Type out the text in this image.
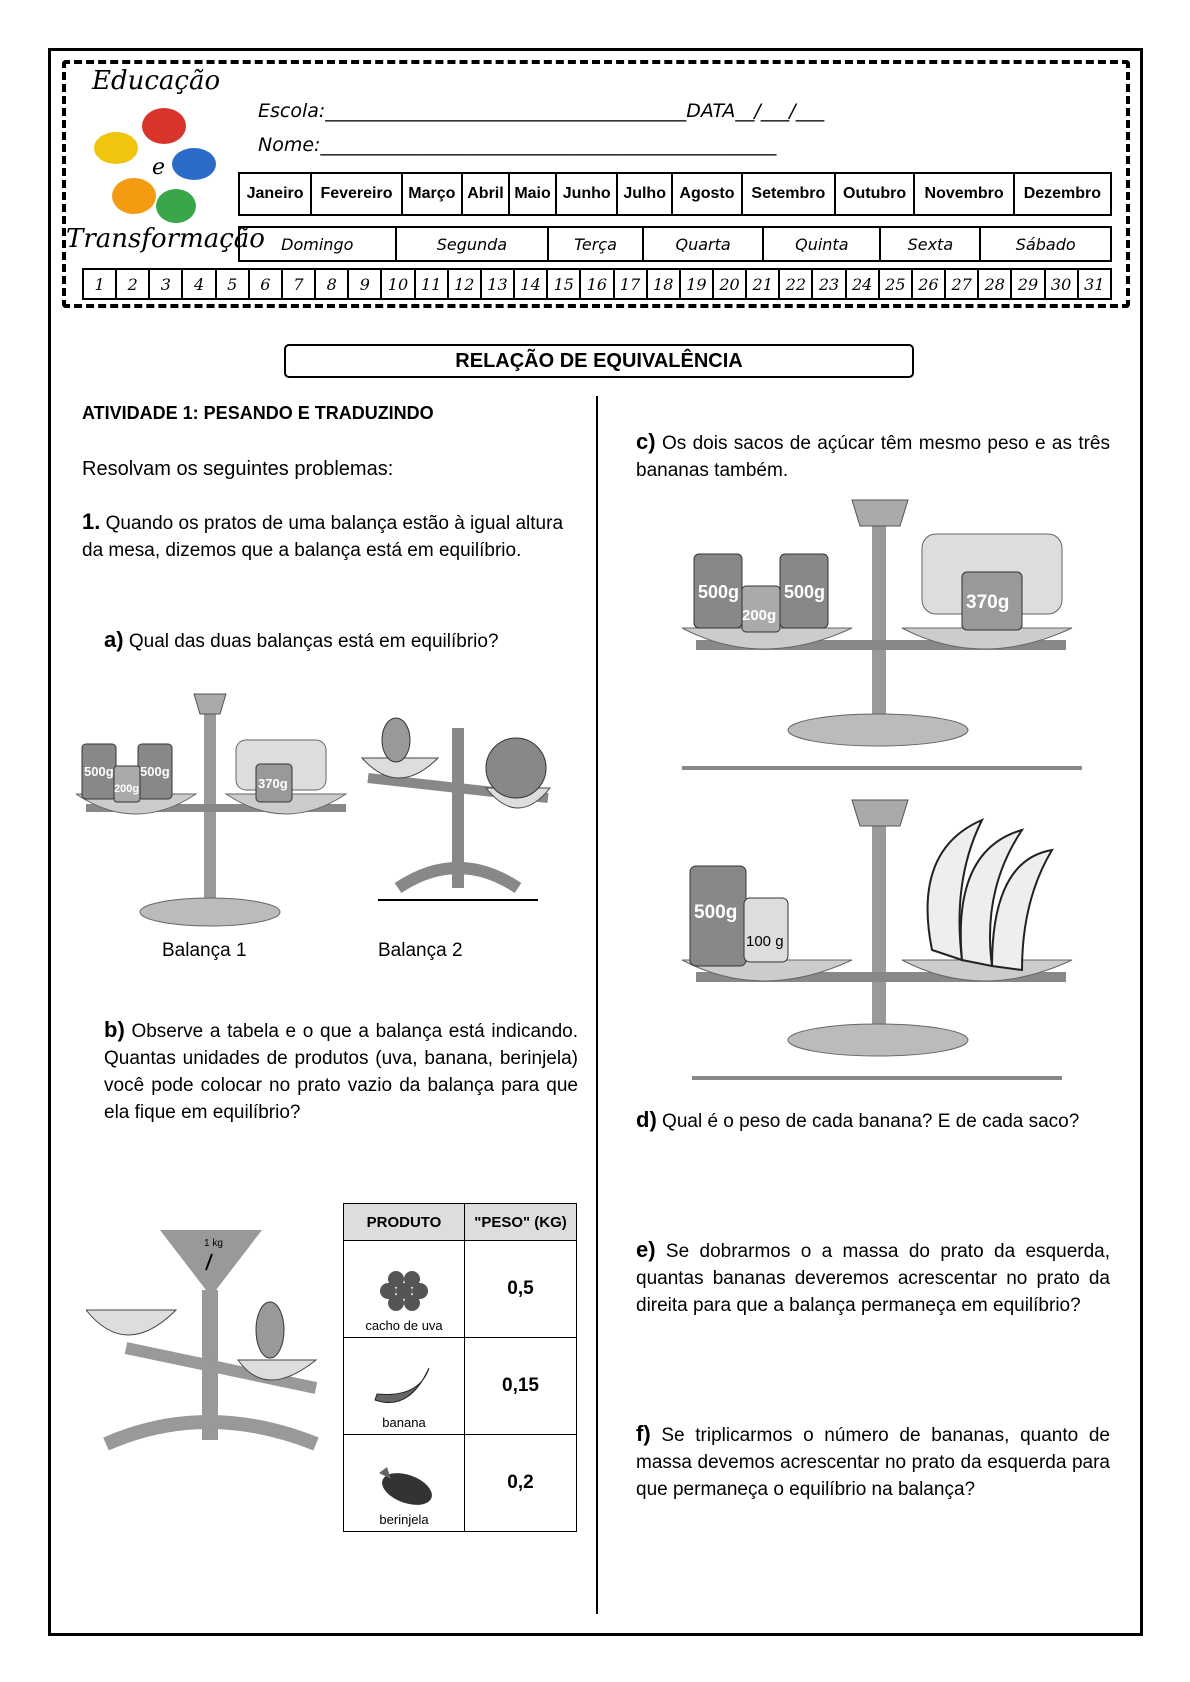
Educação
e
Transformação
Escola:______________________________________DATA__/___/___
Nome:________________________________________________
Janeiro	Fevereiro	Março	Abril	Maio	Junho	Julho	Agosto	Setembro	Outubro	Novembro	Dezembro
Domingo	Segunda	Terça	Quarta	Quinta	Sexta	Sábado
1	2	3	4	5	6	7	8	9	10	11	12	13	14	15	16	17	18	19	20	21	22	23	24	25	26	27	28	29	30	31
RELAÇÃO DE EQUIVALÊNCIA
ATIVIDADE 1: PESANDO E TRADUZINDO
Resolvam os seguintes problemas:
1. Quando os pratos de uma balança estão à igual altura da mesa, dizemos que a balança está em equilíbrio.
a) Qual das duas balanças está em equilíbrio?
500g 500g
200g	370g
Balança 1	Balança 2
b) Observe a tabela e o que a balança está indicando. Quantas unidades de produtos (uva, banana, berinjela) você pode colocar no prato vazio da balança para que ela fique em equilíbrio?
1 kg
PRODUTO	"PESO" (KG)

cacho de uva	0,5

banana	0,15

berinjela	0,2
c) Os dois sacos de açúcar têm mesmo peso e as três bananas também.
500g 500g
200g
370g
500g
100 g
d) Qual é o peso de cada banana? E de cada saco?
e) Se dobrarmos o a massa do prato da esquerda, quantas bananas deveremos acrescentar no prato da direita para que a balança permaneça em equilíbrio?
f) Se triplicarmos o número de bananas, quanto de massa devemos acrescentar no prato da esquerda para que permaneça o equilíbrio na balança?
